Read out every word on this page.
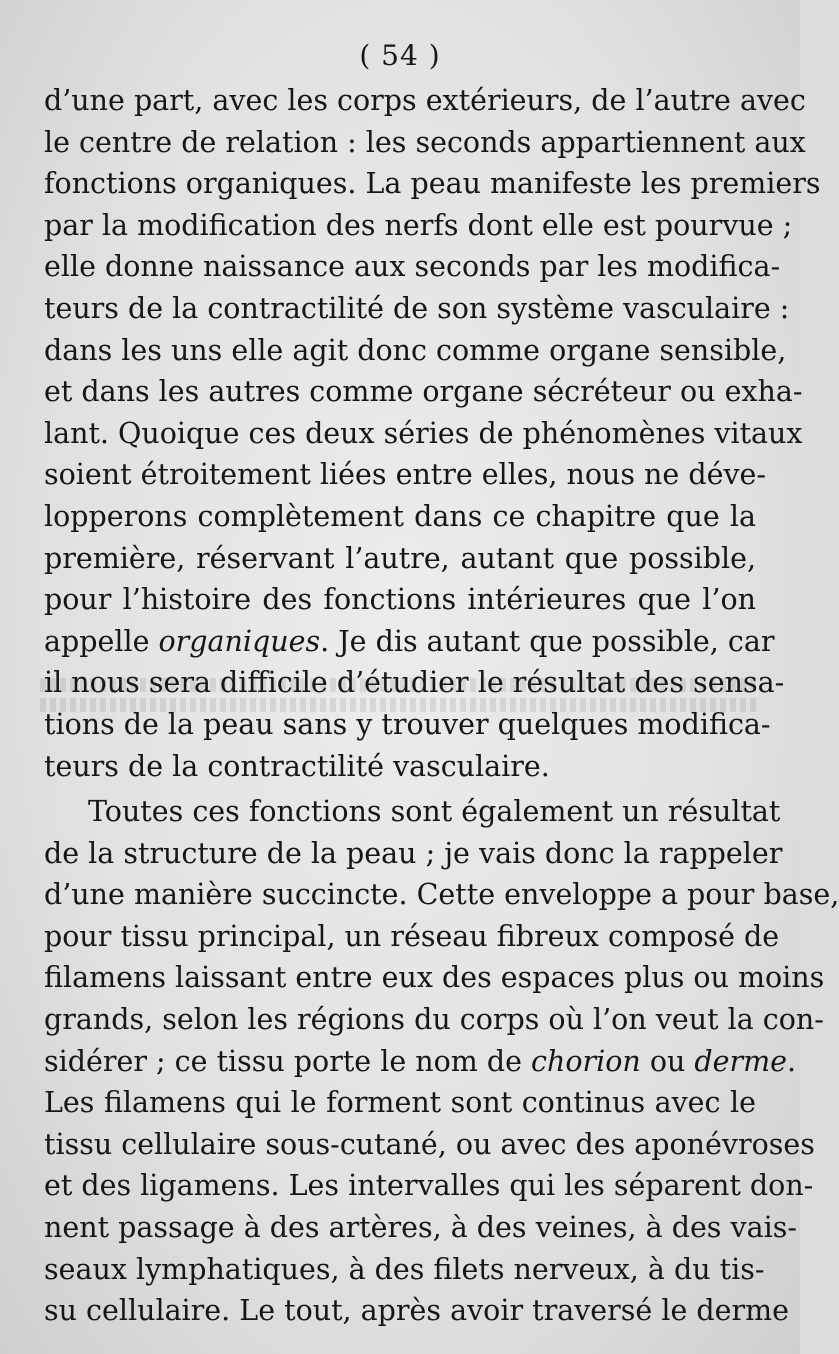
( 54 )
d’une part, avec les corps extérieurs, de l’autre avec
le centre de relation : les seconds appartiennent aux
fonctions organiques. La peau manifeste les premiers
par la modification des nerfs dont elle est pourvue ;
elle donne naissance aux seconds par les modifica-
teurs de la contractilité de son système vasculaire :
dans les uns elle agit donc comme organe sensible,
et dans les autres comme organe sécréteur ou exha-
lant. Quoique ces deux séries de phénomènes vitaux
soient étroitement liées entre elles, nous ne déve-
lopperons complètement dans ce chapitre que la
première, réservant l’autre, autant que possible,
pour l’histoire des fonctions intérieures que l’on
appelle organiques. Je dis autant que possible, car
il nous sera difficile d’étudier le résultat des sensa-
tions de la peau sans y trouver quelques modifica-
teurs de la contractilité vasculaire.
Toutes ces fonctions sont également un résultat
de la structure de la peau ; je vais donc la rappeler
d’une manière succincte. Cette enveloppe a pour base,
pour tissu principal, un réseau fibreux composé de
filamens laissant entre eux des espaces plus ou moins
grands, selon les régions du corps où l’on veut la con-
sidérer ; ce tissu porte le nom de chorion ou derme.
Les filamens qui le forment sont continus avec le
tissu cellulaire sous-cutané, ou avec des aponévroses
et des ligamens. Les intervalles qui les séparent don-
nent passage à des artères, à des veines, à des vais-
seaux lymphatiques, à des filets nerveux, à du tis-
su cellulaire. Le tout, après avoir traversé le derme
